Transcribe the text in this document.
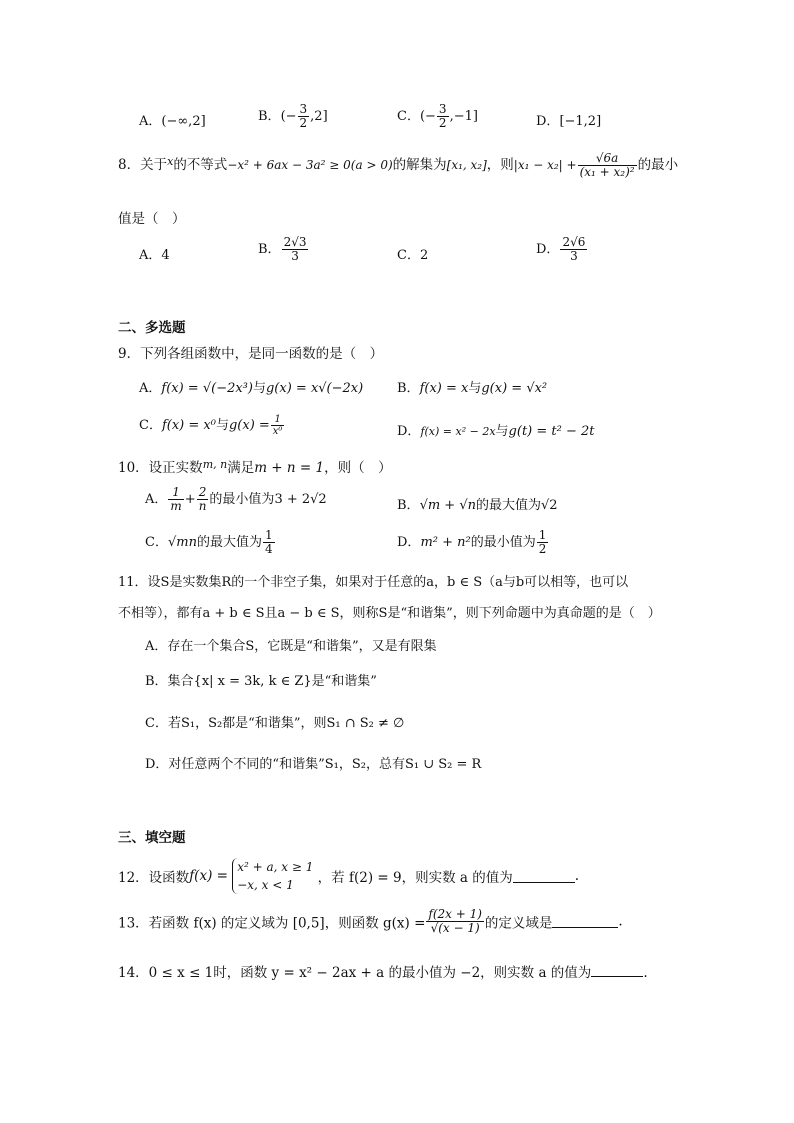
A．(−∞,2]	B．(− $\frac{3}{2} ,2$]	C．(− $\frac{3}{2} ,-1$]	D．[−1,2]
8．关于$^x$的不等式−x² + 6ax − 3a² ≥ 0(a > 0)的解集为[x₁, x₂]，则$|x_1 - x_2| + \frac{√6a}{\text{(x₁ + x₂)²}}$ 的最小
值是（　）
A．4	B． $\frac{2√3}{3}$	C．2	D． $\frac{2√6}{3}$
二、多选题
9．下列各组函数中，是同一函数的是（　）
A．f(x) = √(−2x³)与g(x) = x√(−2x)	B．f(x) = x与g(x) = √x²
C．f(x) = x⁰与$g(x) = \frac{1}{\text{x⁰}}$	D．f(x) = x² − 2x与g(t) = t² − 2t
10．设正实数$^{m, n}$满足m + n = 1，则（　）
A． $\frac{1}{m} + \frac{2}{n}$ 的最小值为3 + 2√2	B．√m + √n的最大值为√2
C．√mn的最大值为 $\frac{1}{4}$	D．m² + n²的最小值为 $\frac{1}{2}$
11．设S是实数集R的一个非空子集，如果对于任意的a，b ∈ S（a与b可以相等，也可以
不相等），都有a + b ∈ S且a − b ∈ S，则称S是“和谐集”，则下列命题中为真命题的是（　）
A．存在一个集合S，它既是“和谐集”，又是有限集
B．集合{x| x = 3k, k ∈ Z}是“和谐集”
C．若S₁，S₂都是“和谐集”，则S₁ ∩ S₂ ≠ ∅
D．对任意两个不同的“和谐集”S₁，S₂，总有S₁ ∪ S₂ = R
三、填空题
12．设函数f(x) =
x² + a, x ≥ 1
−x, x < 1	，若 f(2) = 9，则实数 a 的值为	.
13．若函数 f(x) 的定义域为 [0,5]，则函数 $g(x) = \frac{f(2x + 1)}{√(x - 1)}$ 的定义域是	.
14．0 ≤ x ≤ 1时，函数 y = x² − 2ax + a 的最小值为 −2，则实数 a 的值为	.
